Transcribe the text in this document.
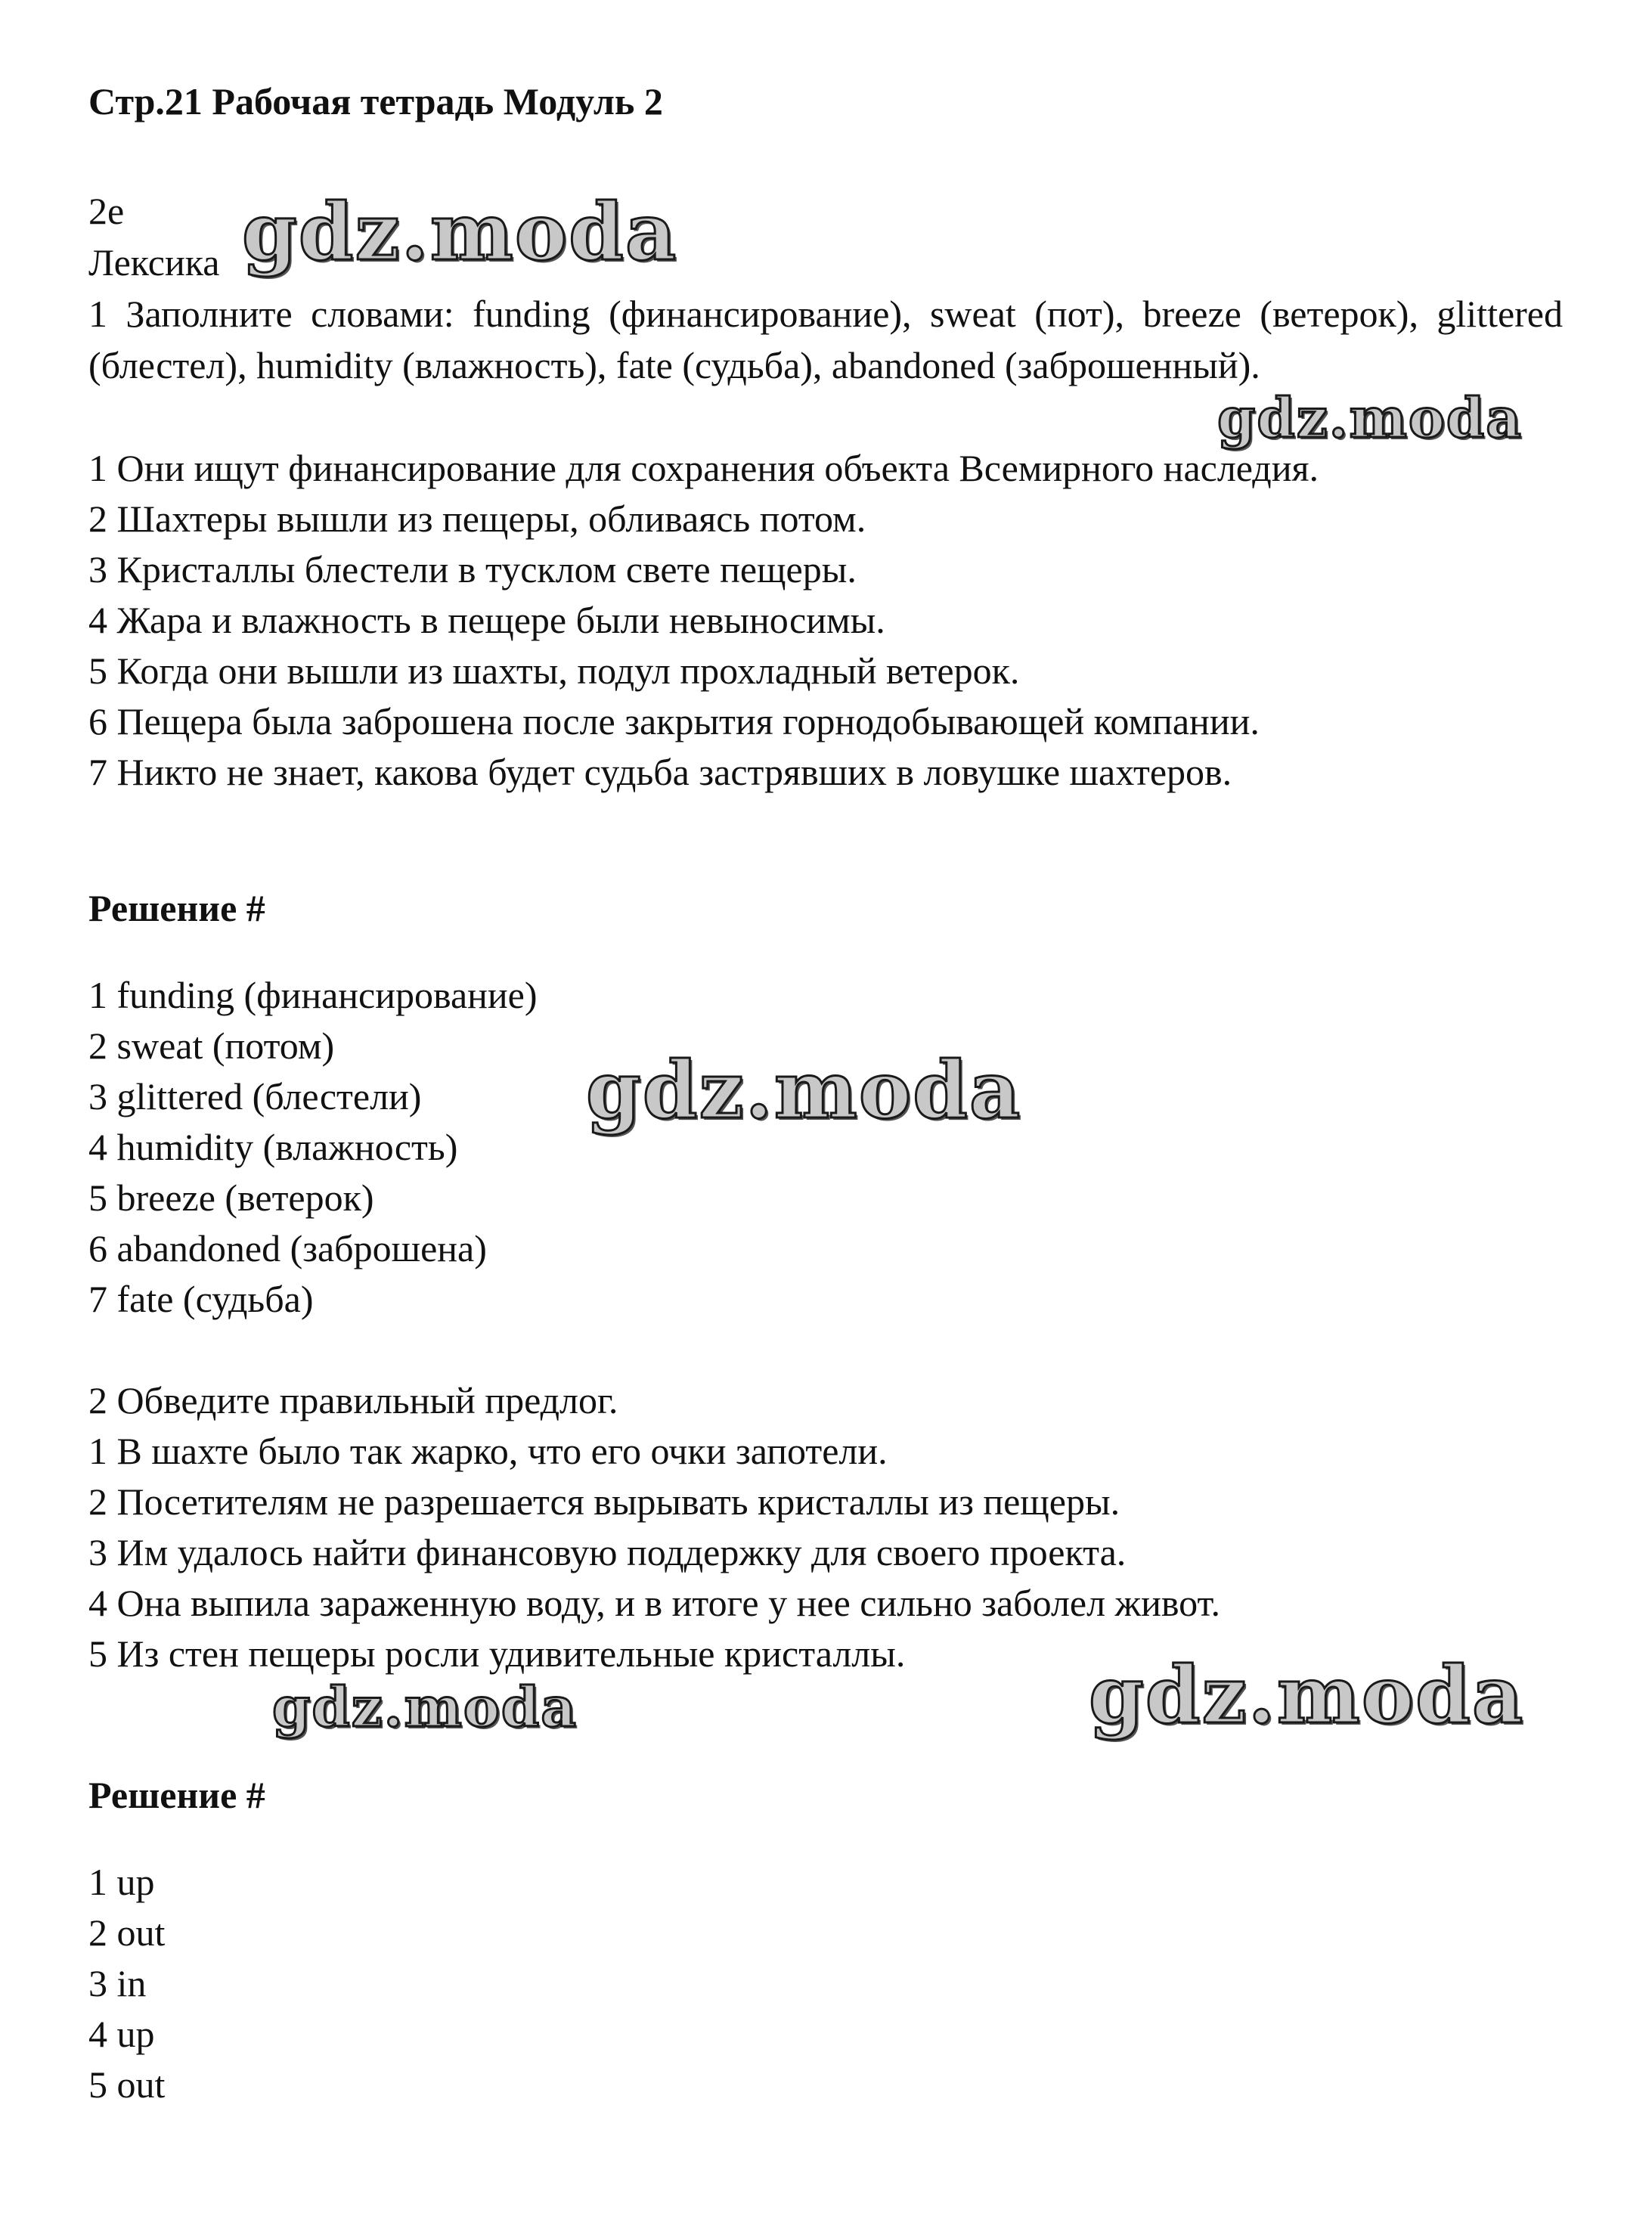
Стр.21 Рабочая тетрадь Модуль 2
2e
Лексика
1 Заполните словами: funding (финансирование), sweat (пот), breeze (ветерок), glittered (блестел), humidity (влажность), fate (судьба), abandoned (заброшенный).
1 Они ищут финансирование для сохранения объекта Всемирного наследия.
2 Шахтеры вышли из пещеры, обливаясь потом.
3 Кристаллы блестели в тусклом свете пещеры.
4 Жара и влажность в пещере были невыносимы.
5 Когда они вышли из шахты, подул прохладный ветерок.
6 Пещера была заброшена после закрытия горнодобывающей компании.
7 Никто не знает, какова будет судьба застрявших в ловушке шахтеров.
Решение #
1 funding (финансирование)
2 sweat (потом)
3 glittered (блестели)
4 humidity (влажность)
5 breeze (ветерок)
6 abandoned (заброшена)
7 fate (судьба)
2 Обведите правильный предлог.
1 В шахте было так жарко, что его очки запотели.
2 Посетителям не разрешается вырывать кристаллы из пещеры.
3 Им удалось найти финансовую поддержку для своего проекта.
4 Она выпила зараженную воду, и в итоге у нее сильно заболел живот.
5 Из стен пещеры росли удивительные кристаллы.
Решение #
1 up
2 out
3 in
4 up
5 out
gdz.moda
gdz.moda
gdz.moda
gdz.moda	gdz.moda
